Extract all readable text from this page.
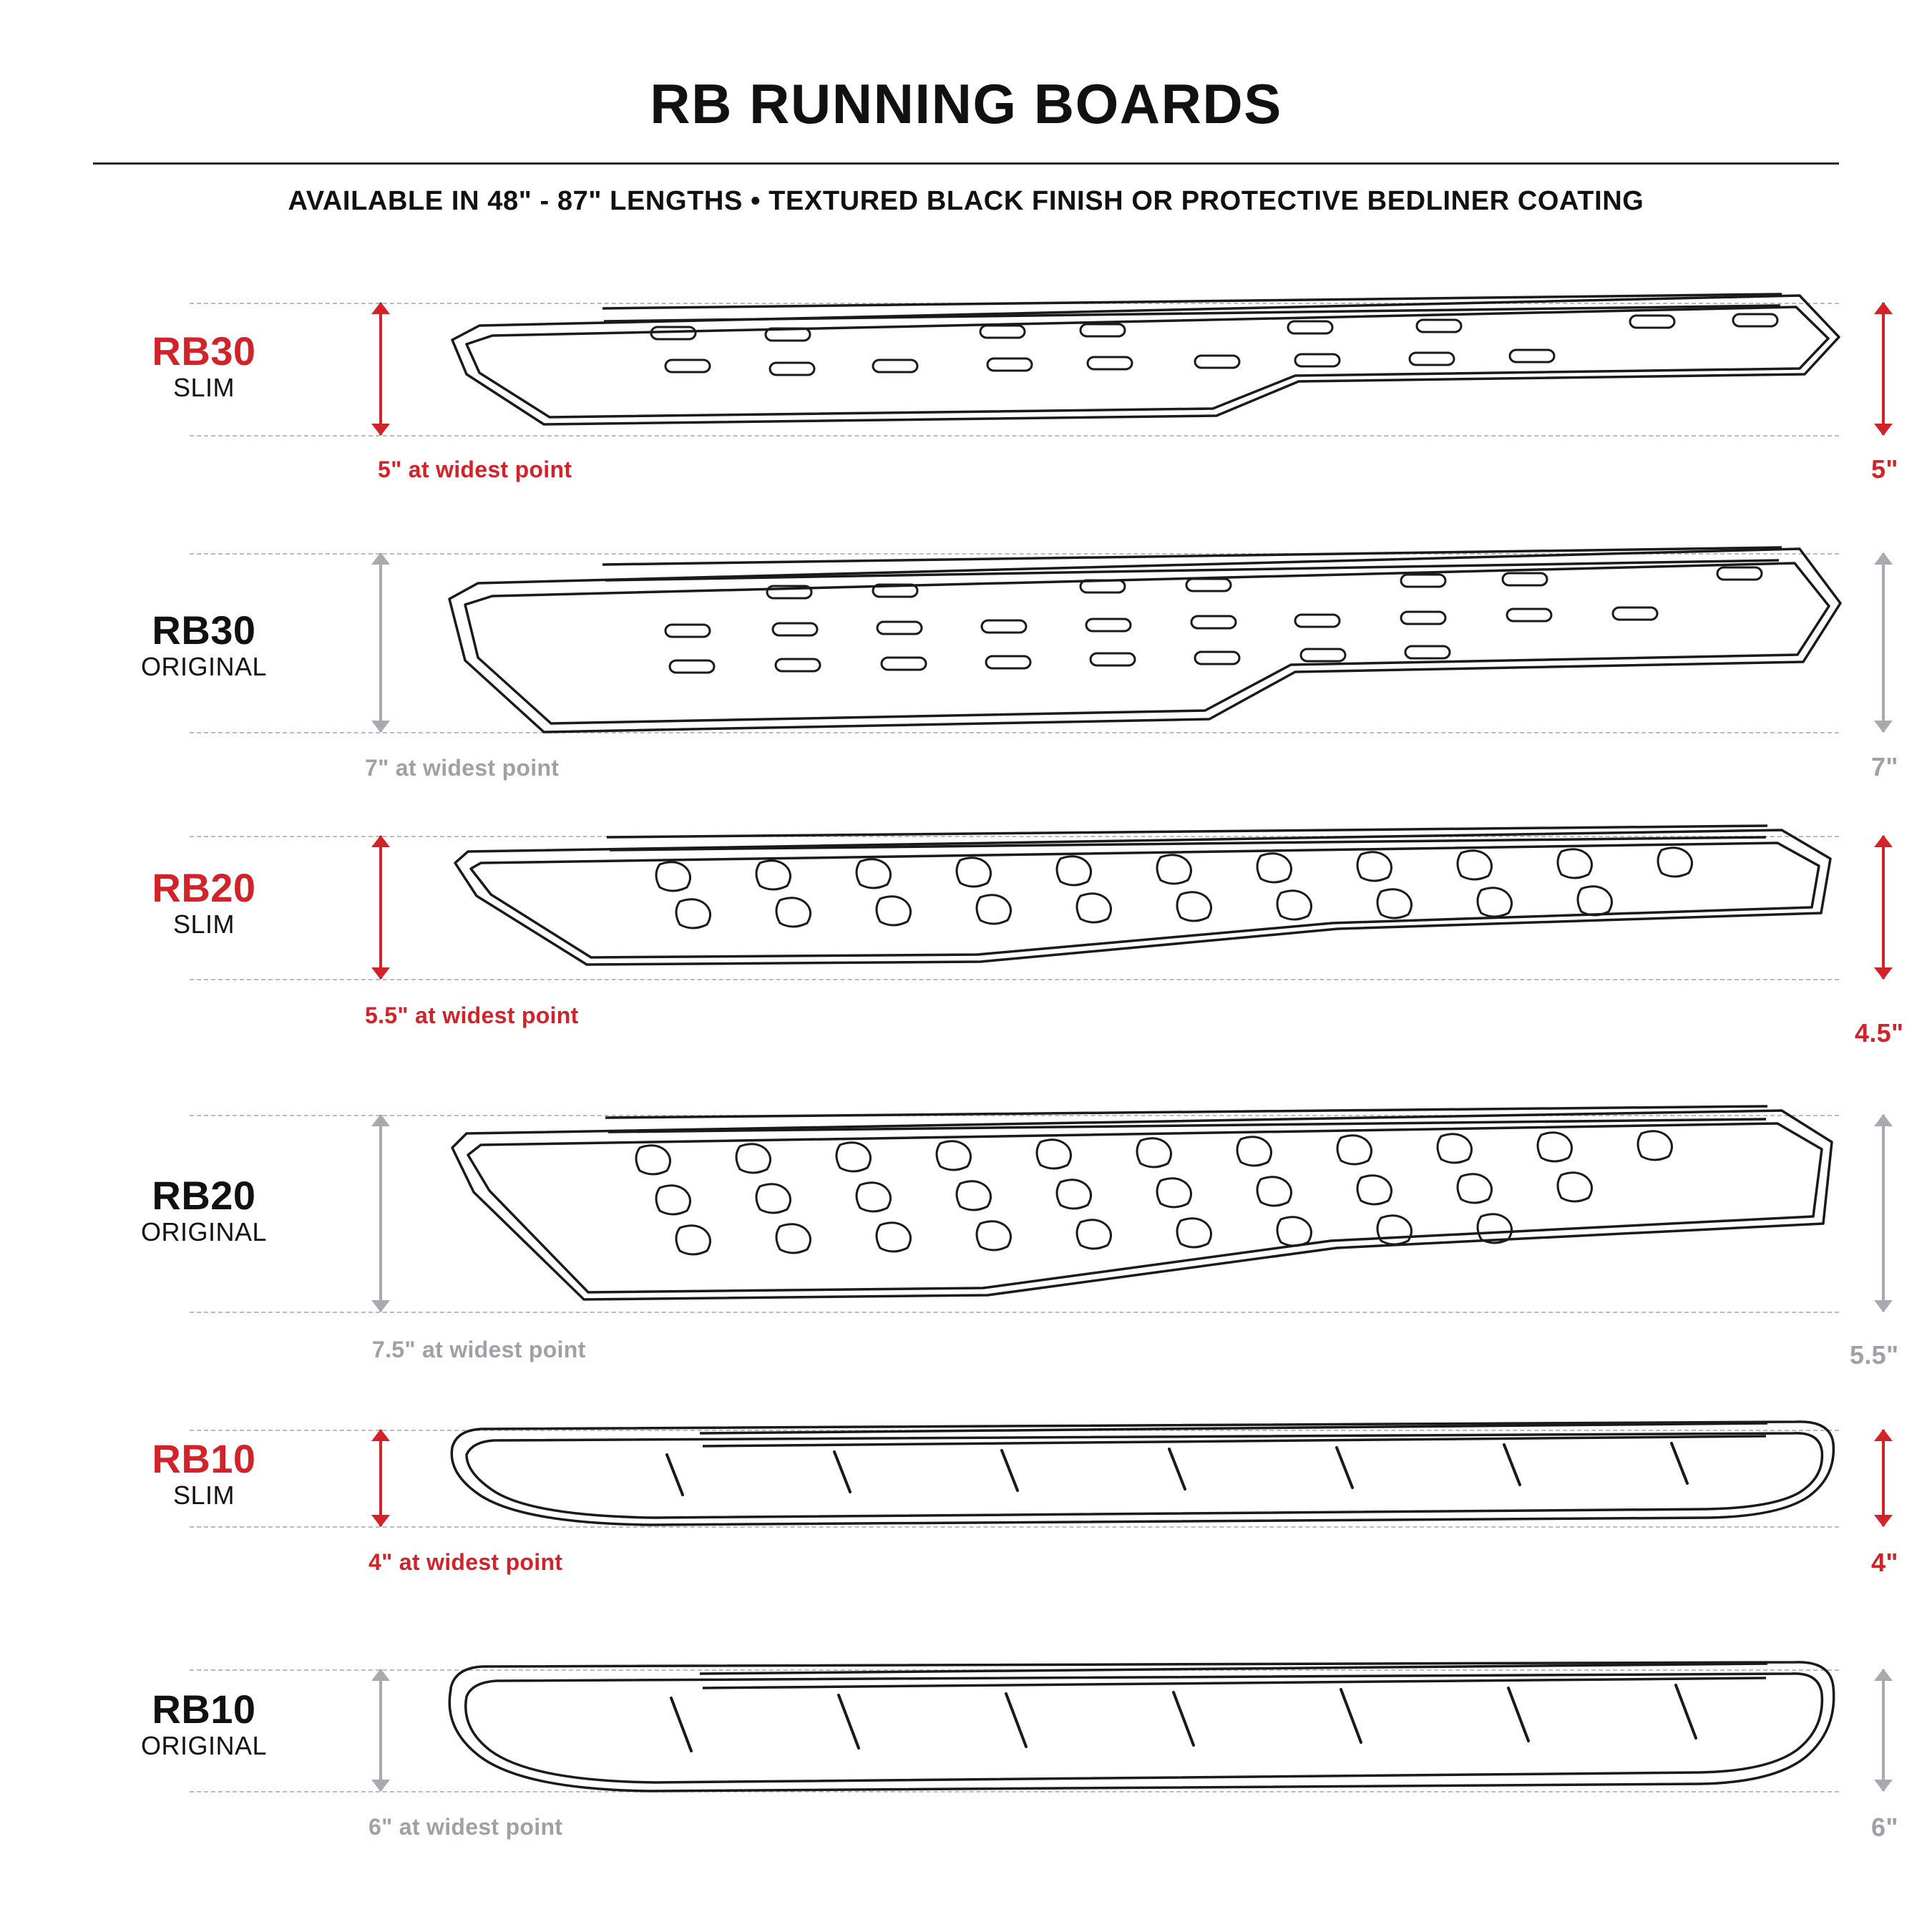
RB RUNNING BOARDS
AVAILABLE IN 48" - 87" LENGTHS • TEXTURED BLACK FINISH OR PROTECTIVE BEDLINER COATING
RB30
SLIM
5" at widest point	5"
RB30
ORIGINAL
7" at widest point	7"
RB20
SLIM
5.5" at widest point
4.5"
RB20
ORIGINAL
7.5" at widest point	5.5"
RB10
SLIM
4" at widest point	4"
RB10
ORIGINAL
6" at widest point	6"
